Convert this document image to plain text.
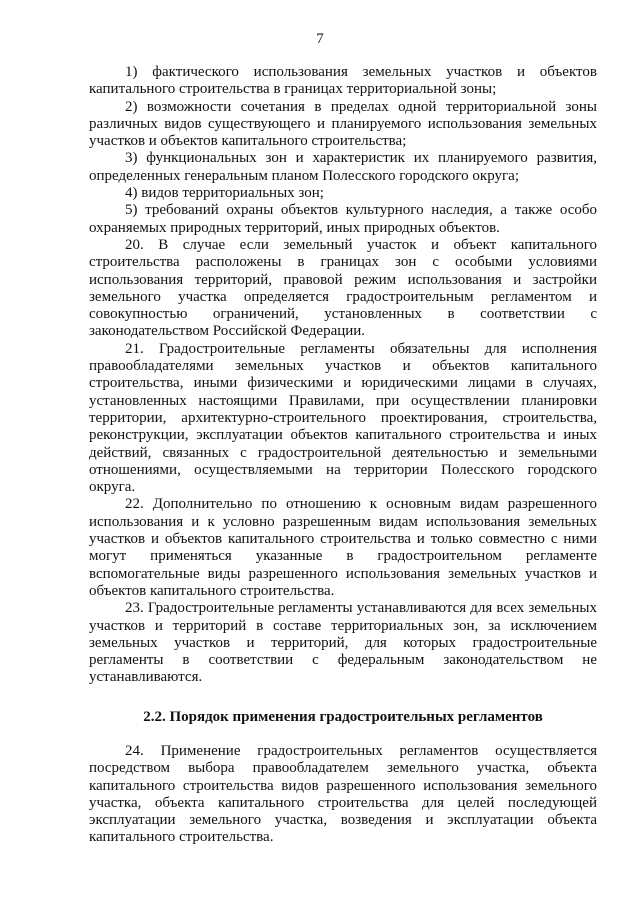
7

1) фактического использования земельных участков и объектов капитального строительства в границах территориальной зоны;

2) возможности сочетания в пределах одной территориальной зоны различных видов существующего и планируемого использования земельных участков и объектов капитального строительства;

3) функциональных зон и характеристик их планируемого развития, определенных генеральным планом Полесского городского округа;

4) видов территориальных зон;

5) требований охраны объектов культурного наследия, а также особо охраняемых природных территорий, иных природных объектов.

20. В случае если земельный участок и объект капитального строительства расположены в границах зон с особыми условиями использования территорий, правовой режим использования и застройки земельного участка определяется градостроительным регламентом и совокупностью ограничений, установленных в соответствии с законодательством Российской Федерации.

21. Градостроительные регламенты обязательны для исполнения правообладателями земельных участков и объектов капитального строительства, иными физическими и юридическими лицами в случаях, установленных настоящими Правилами, при осуществлении планировки территории, архитектурно-строительного проектирования, строительства, реконструкции, эксплуатации объектов капитального строительства и иных действий, связанных с градостроительной деятельностью и земельными отношениями, осуществляемыми на территории Полесского городского округа.

22. Дополнительно по отношению к основным видам разрешенного использования и к условно разрешенным видам использования земельных участков и объектов капитального строительства и только совместно с ними могут применяться указанные в градостроительном регламенте вспомогательные виды разрешенного использования земельных участков и объектов капитального строительства.

23. Градостроительные регламенты устанавливаются для всех земельных участков и территорий в составе территориальных зон, за исключением земельных участков и территорий, для которых градостроительные регламенты в соответствии с федеральным законодательством не устанавливаются.

2.2. Порядок применения градостроительных регламентов

24. Применение градостроительных регламентов осуществляется посредством выбора правообладателем земельного участка, объекта капитального строительства видов разрешенного использования земельного участка, объекта капитального строительства для целей последующей эксплуатации земельного участка, возведения и эксплуатации объекта капитального строительства.
